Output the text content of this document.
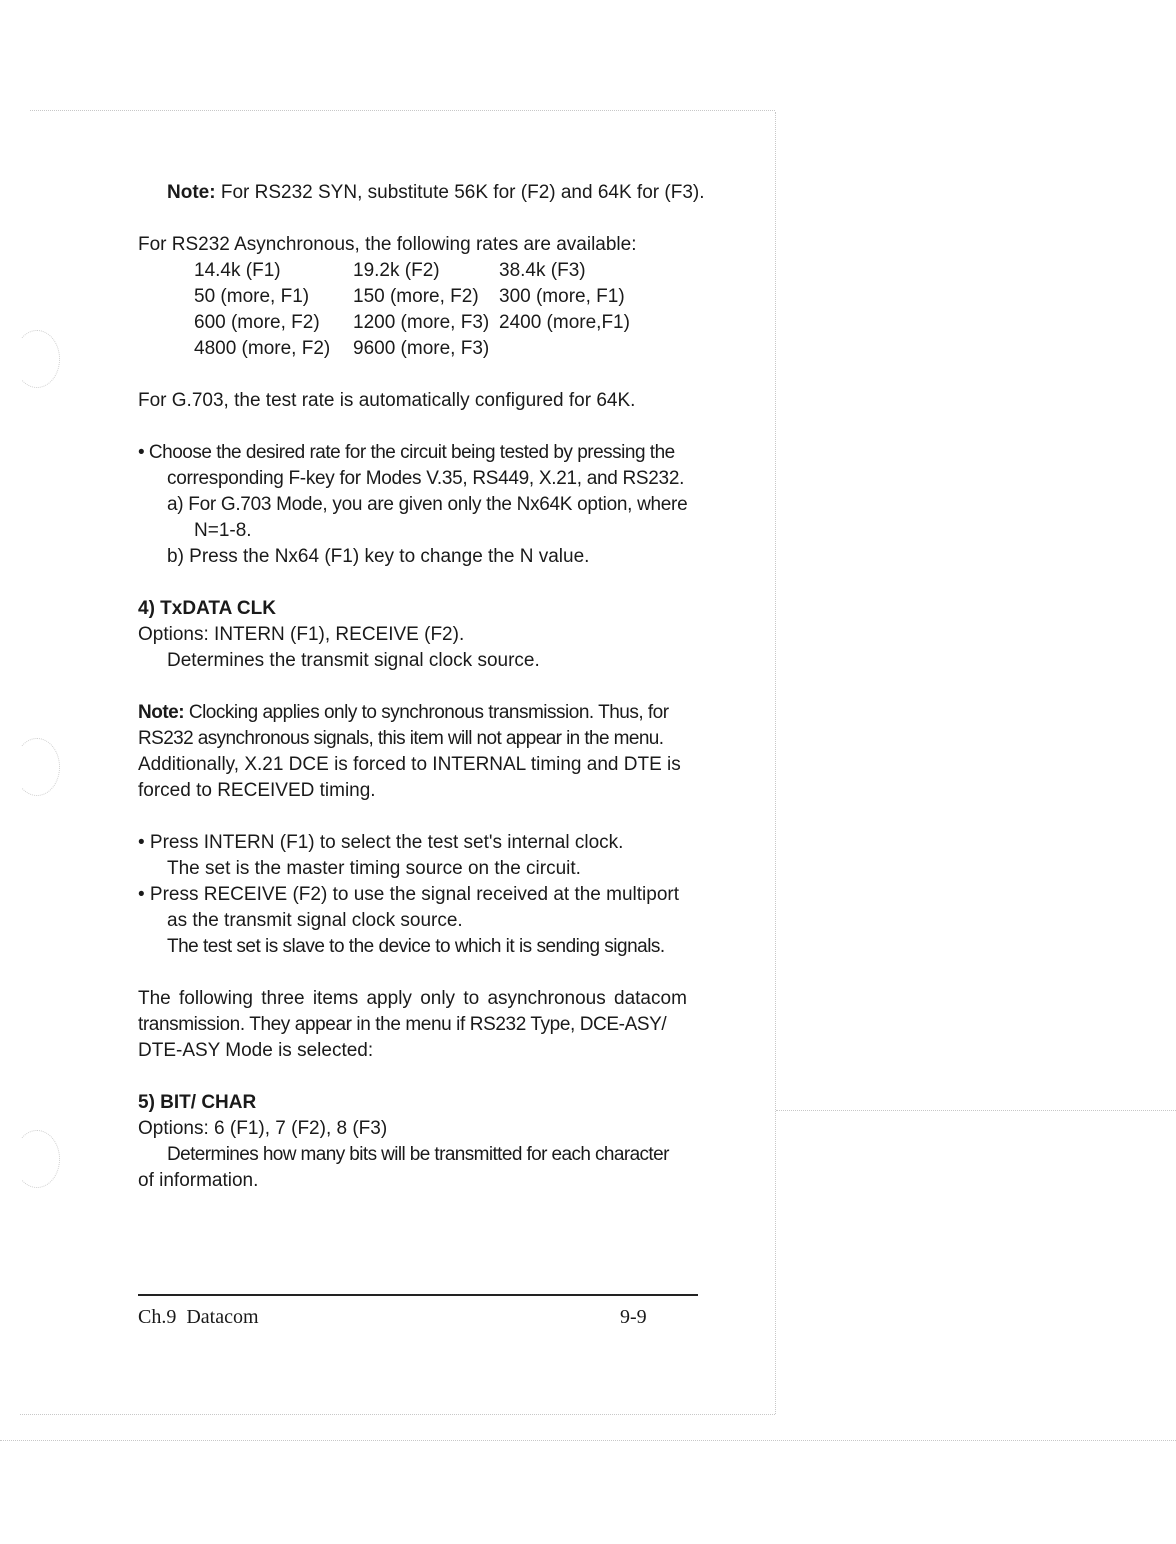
Note: For RS232 SYN, substitute 56K for (F2) and 64K for (F3).
For RS232 Asynchronous, the following rates are available:
14.4k (F1)	19.2k (F2)	38.4k (F3)
50 (more, F1) 150 (more, F2) 300 (more, F1)
600 (more, F2) 1200 (more, F3) 2400 (more,F1)
4800 (more, F2) 9600 (more, F3)
For G.703, the test rate is automatically configured for 64K.
• Choose the desired rate for the circuit being tested by pressing the
corresponding F-key for Modes V.35, RS449, X.21, and RS232.
a) For G.703 Mode, you are given only the Nx64K option, where
N=1-8.
b) Press the Nx64 (F1) key to change the N value.
4) TxDATA CLK
Options: INTERN (F1), RECEIVE (F2).
Determines the transmit signal clock source.
Note: Clocking applies only to synchronous transmission. Thus, for
RS232 asynchronous signals, this item will not appear in the menu.
Additionally, X.21 DCE is forced to INTERNAL timing and DTE is
forced to RECEIVED timing.
• Press INTERN (F1) to select the test set's internal clock.
The set is the master timing source on the circuit.
• Press RECEIVE (F2) to use the signal received at the multiport
as the transmit signal clock source.
The test set is slave to the device to which it is sending signals.
The following three items apply only to asynchronous datacom
transmission. They appear in the menu if RS232 Type, DCE-ASY/
DTE-ASY Mode is selected:
5) BIT/ CHAR
Options: 6 (F1), 7 (F2), 8 (F3)
Determines how many bits will be transmitted for each character
of information.
Ch.9  Datacom	9-9
